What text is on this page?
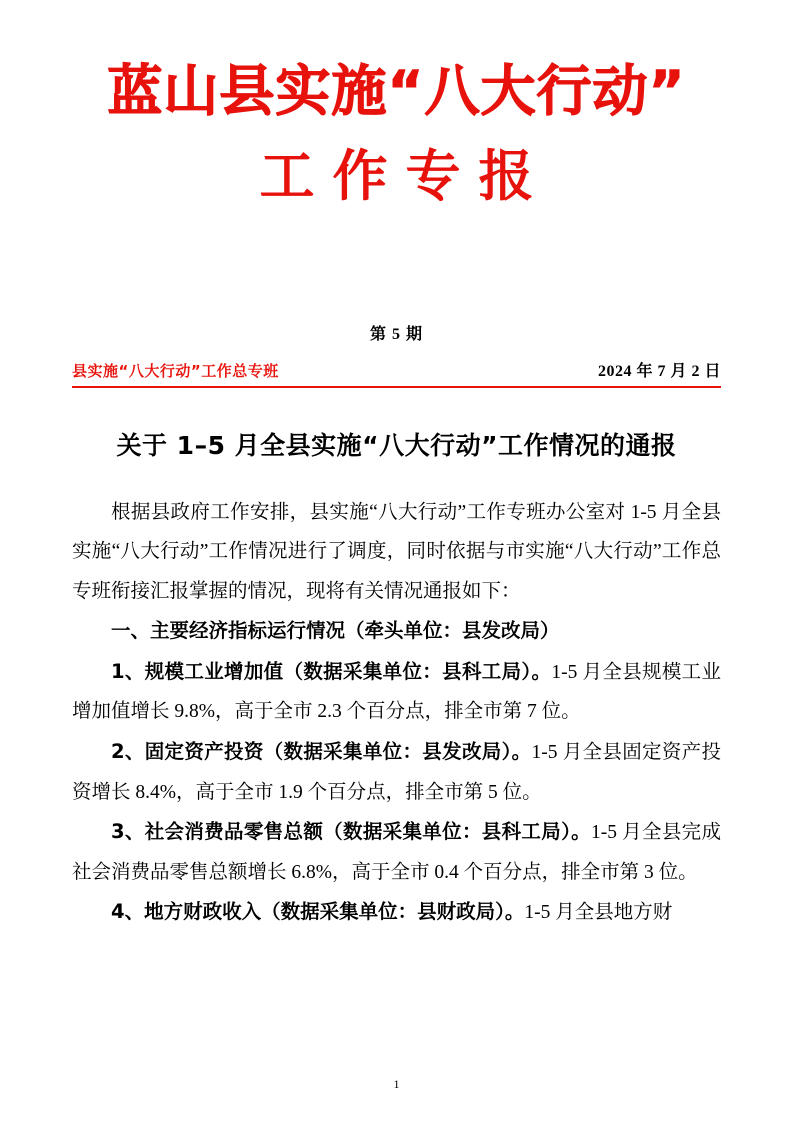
蓝山县实施“八大行动”
工作专报
第 5 期
县实施“八大行动”工作总专班	2024 年 7 月 2 日
关于 1–5 月全县实施“八大行动”工作情况的通报

根据县政府工作安排，县实施“八大行动”工作专班办公室对 1-5 月全县实施“八大行动”工作情况进行了调度，同时依据与市实施“八大行动”工作总专班衔接汇报掌握的情况，现将有关情况通报如下：

一、主要经济指标运行情况（牵头单位：县发改局）

1、规模工业增加值（数据采集单位：县科工局）。1-5 月全县规模工业增加值增长 9.8%，高于全市 2.3 个百分点，排全市第 7 位。

2、固定资产投资（数据采集单位：县发改局）。1-5 月全县固定资产投资增长 8.4%，高于全市 1.9 个百分点，排全市第 5 位。

3、社会消费品零售总额（数据采集单位：县科工局）。1-5 月全县完成社会消费品零售总额增长 6.8%，高于全市 0.4 个百分点，排全市第 3 位。

4、地方财政收入（数据采集单位：县财政局）。1-5 月全县地方财

1
